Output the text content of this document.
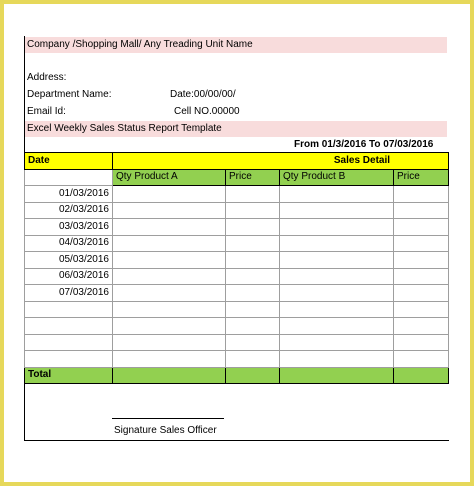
Company /Shopping Mall/ Any Treading Unit Name
Address:
Department Name:	Date:00/00/00/
Email Id:	Cell NO.00000
Excel Weekly Sales Status Report Template
From 01/3/2016 To 07/03/2016
Date	Sales Detail			
	Qty Product A	Price	Qty Product B	Price
01/03/2016				
02/03/2016				
03/03/2016				
04/03/2016				
05/03/2016				
06/03/2016				
07/03/2016				

Total				
Signature Sales Officer
